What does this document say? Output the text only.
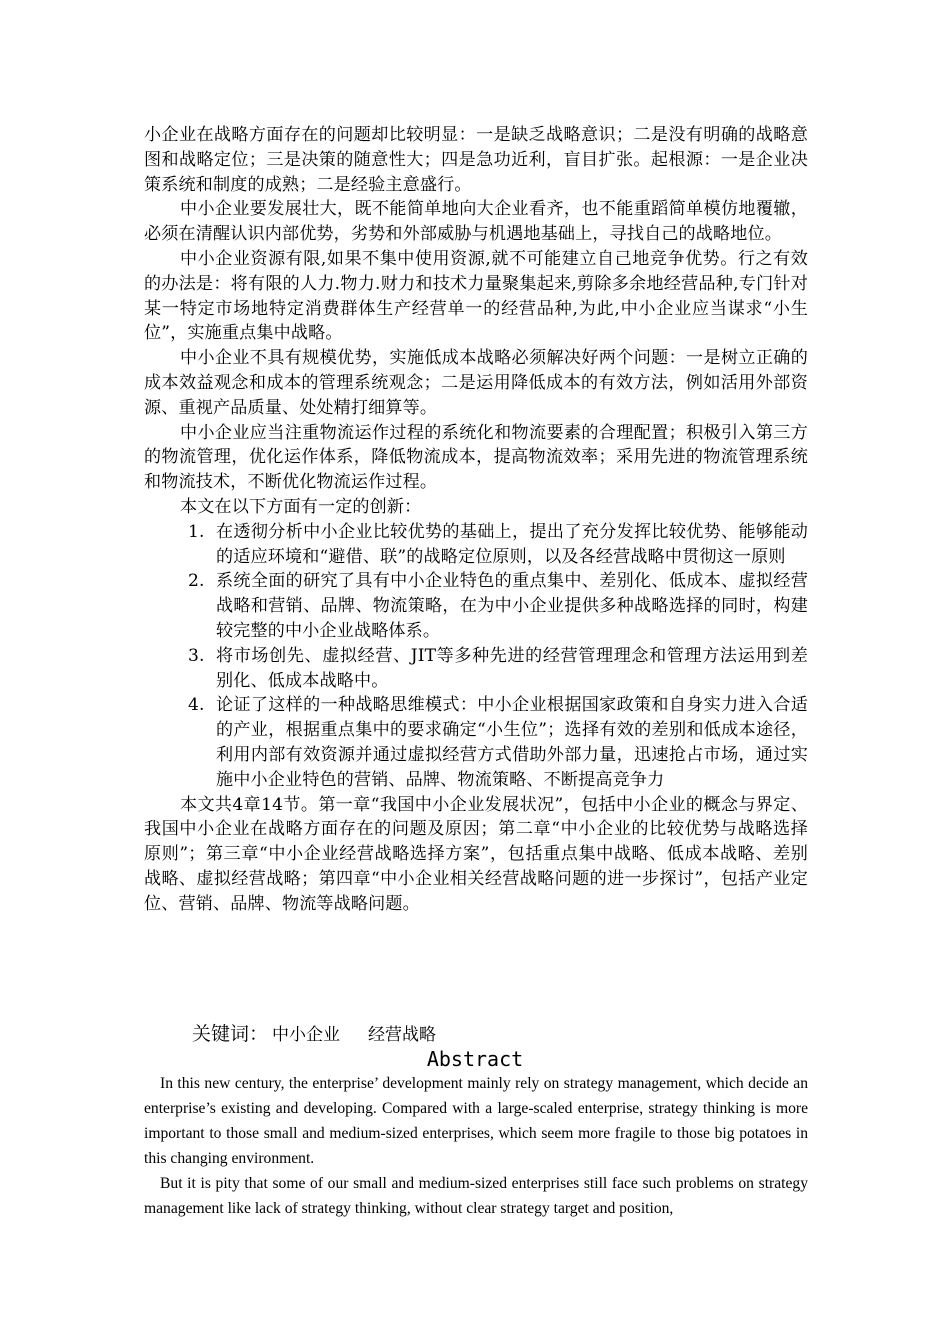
小企业在战略方面存在的问题却比较明显：一是缺乏战略意识；二是没有明确的战略意图和战略定位；三是决策的随意性大；四是急功近利，盲目扩张。起根源：一是企业决策系统和制度的成熟；二是经验主意盛行。

中小企业要发展壮大，既不能简单地向大企业看齐，也不能重蹈简单模仿地覆辙，必须在清醒认识内部优势，劣势和外部威胁与机遇地基础上，寻找自己的战略地位。

中小企业资源有限,如果不集中使用资源,就不可能建立自己地竞争优势。行之有效的办法是：将有限的人力.物力.财力和技术力量聚集起来,剪除多余地经营品种,专门针对某一特定市场地特定消费群体生产经营单一的经营品种,为此,中小企业应当谋求“小生位”，实施重点集中战略。

中小企业不具有规模优势，实施低成本战略必须解决好两个问题：一是树立正确的成本效益观念和成本的管理系统观念；二是运用降低成本的有效方法，例如活用外部资源、重视产品质量、处处精打细算等。

中小企业应当注重物流运作过程的系统化和物流要素的合理配置；积极引入第三方的物流管理，优化运作体系，降低物流成本，提高物流效率；采用先进的物流管理系统和物流技术，不断优化物流运作过程。

本文在以下方面有一定的创新：

1. 在透彻分析中小企业比较优势的基础上，提出了充分发挥比较优势、能够能动的适应环境和“避借、联”的战略定位原则，以及各经营战略中贯彻这一原则
2. 系统全面的研究了具有中小企业特色的重点集中、差别化、低成本、虚拟经营战略和营销、品牌、物流策略，在为中小企业提供多种战略选择的同时，构建较完整的中小企业战略体系。
3. 将市场创先、虚拟经营、JIT等多种先进的经营管理理念和管理方法运用到差别化、低成本战略中。
4. 论证了这样的一种战略思维模式：中小企业根据国家政策和自身实力进入合适的产业，根据重点集中的要求确定“小生位”；选择有效的差别和低成本途径，利用内部有效资源并通过虚拟经营方式借助外部力量，迅速抢占市场，通过实施中小企业特色的营销、品牌、物流策略、不断提高竞争力

本文共4章14节。第一章“我国中小企业发展状况”，包括中小企业的概念与界定、我国中小企业在战略方面存在的问题及原因；第二章“中小企业的比较优势与战略选择原则”；第三章“中小企业经营战略选择方案”，包括重点集中战略、低成本战略、差别战略、虚拟经营战略；第四章“中小企业相关经营战略问题的进一步探讨”，包括产业定位、营销、品牌、物流等战略问题。

关键词： 中小企业 经营战略
Abstract

In this new century, the enterprise’ development mainly rely on strategy management, which decide an enterprise’s existing and developing. Compared with a large-scaled enterprise, strategy thinking is more important to those small and medium-sized enterprises, which seem more fragile to those big potatoes in this changing environment.

But it is pity that some of our small and medium-sized enterprises still face such problems on strategy management like lack of strategy thinking, without clear strategy target and position,
